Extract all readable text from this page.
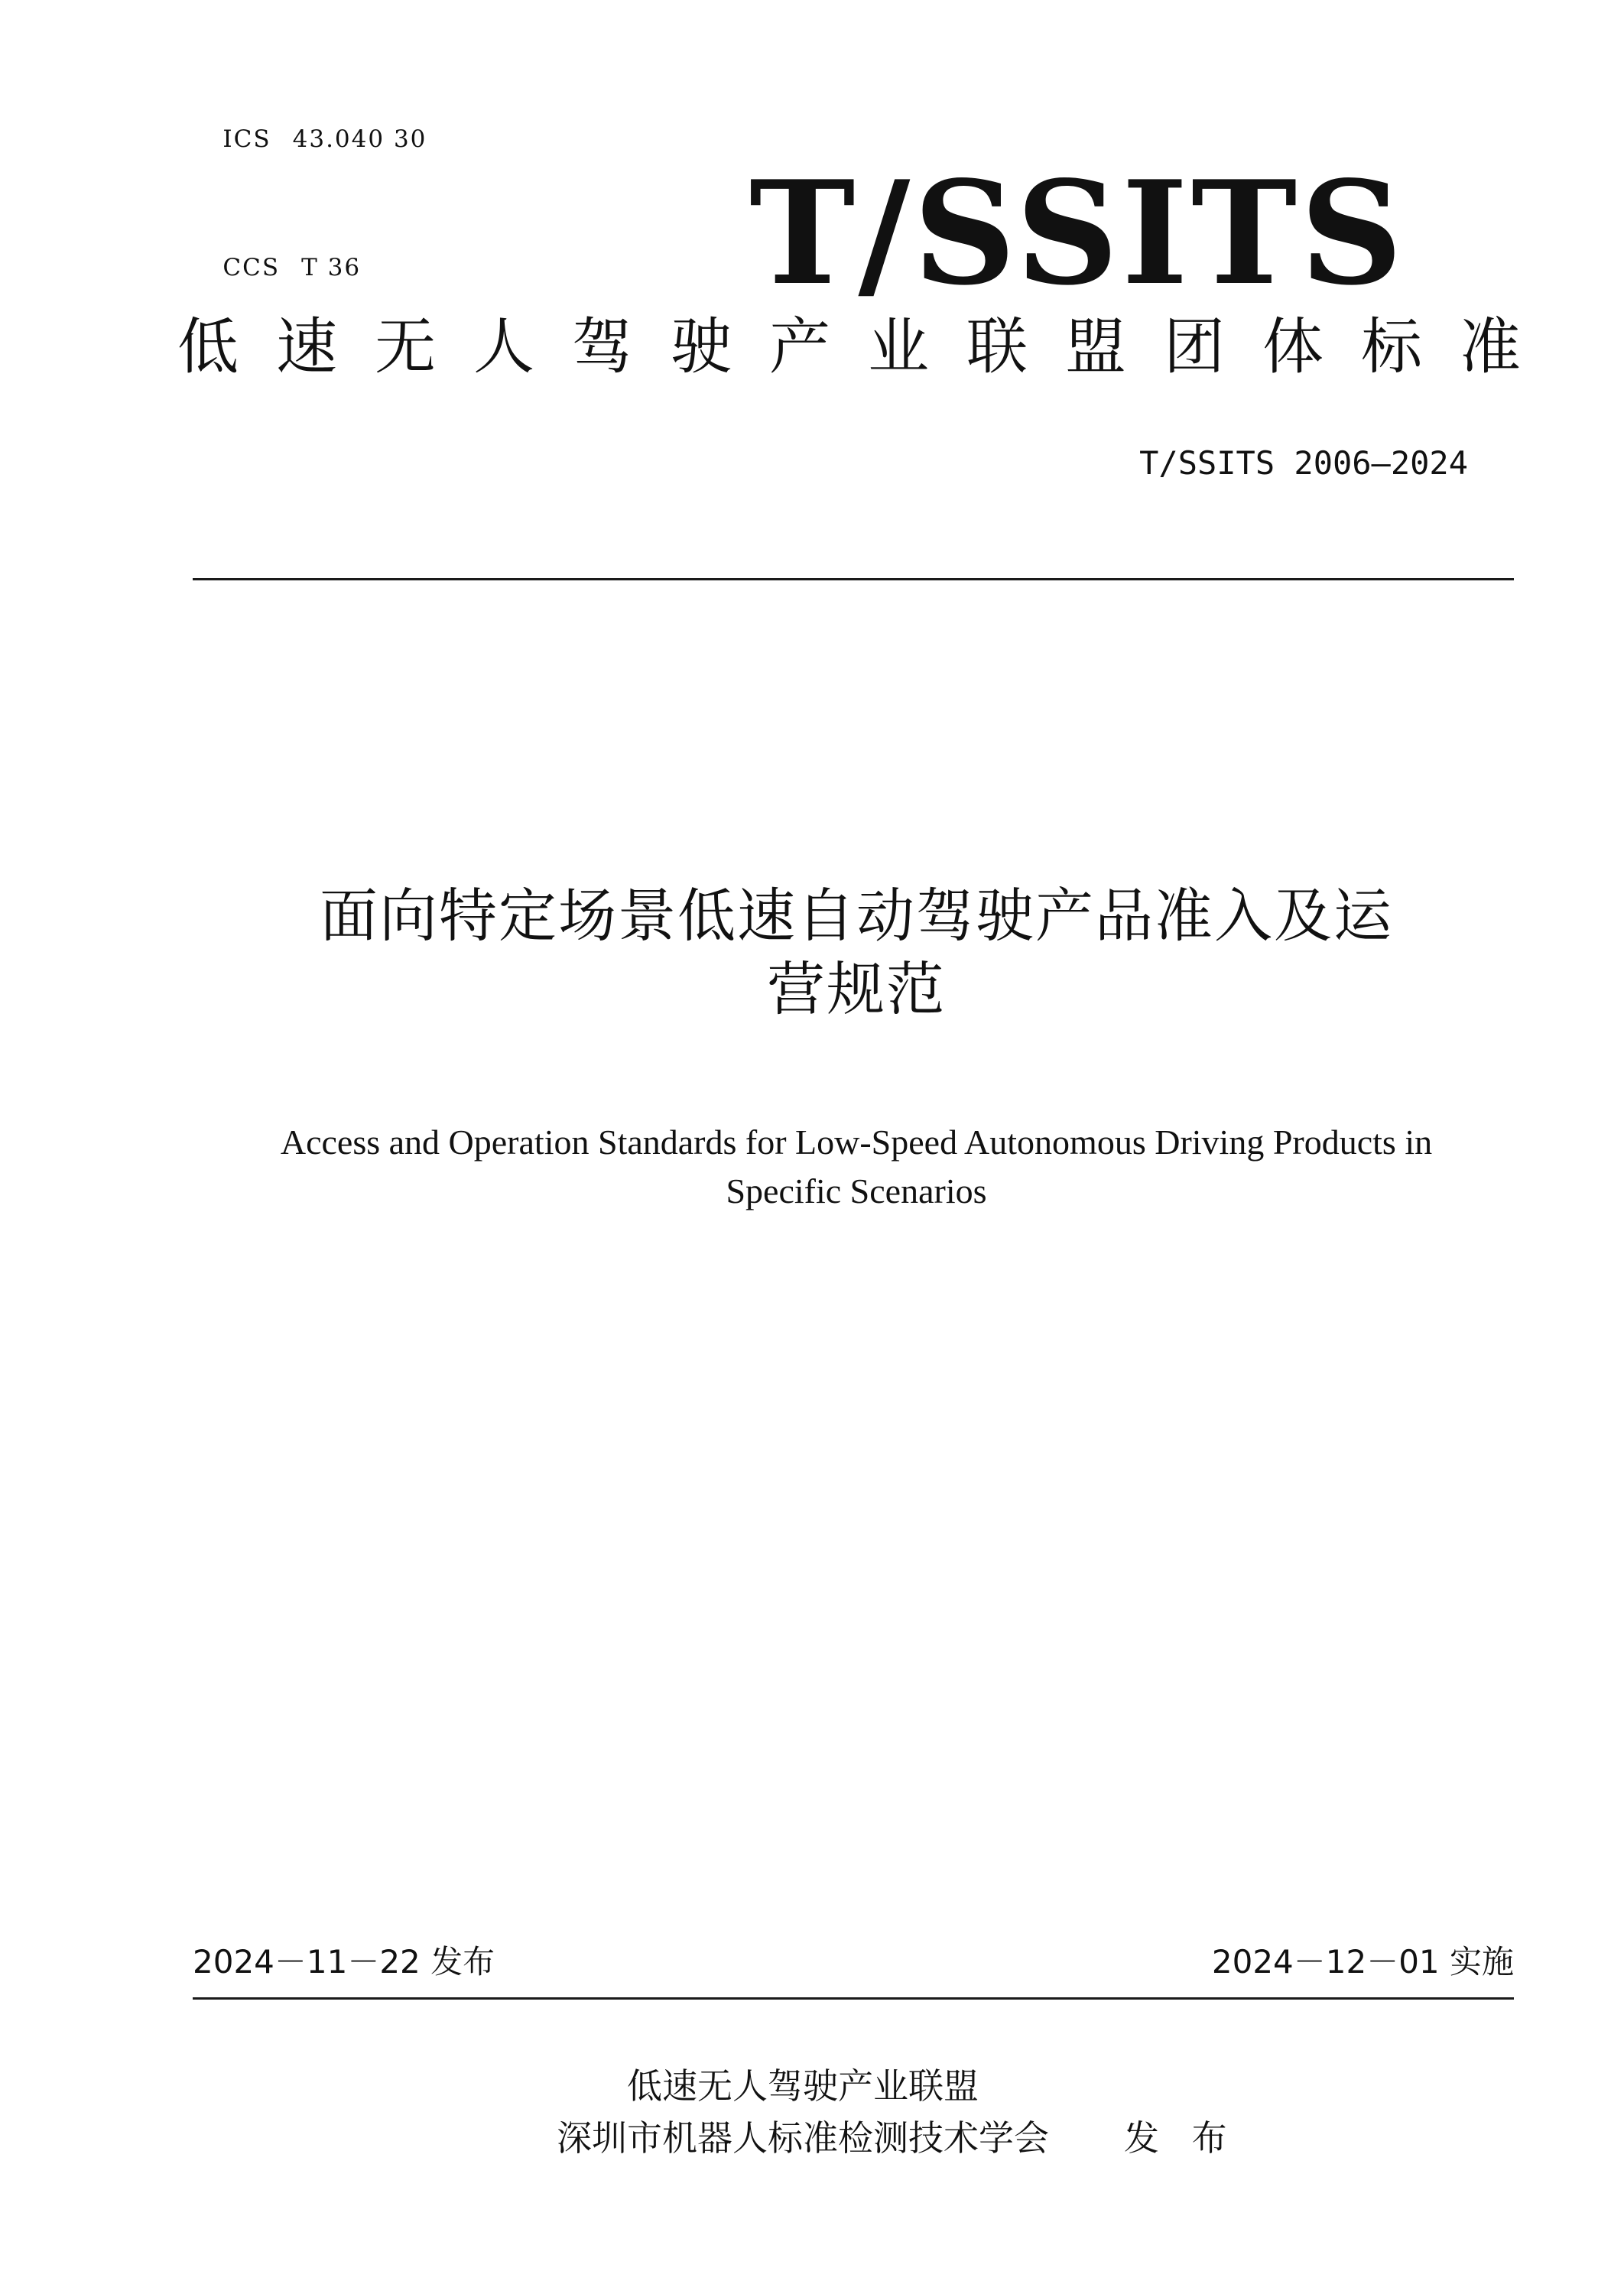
ICS 43.040 30

CCS T 36
	T/SSITS
低速无人驾驶产业联盟团体标准
T/SSITS 2006—2024
面向特定场景低速自动驾驶产品准入及运
营规范
Access and Operation Standards for Low-Speed Autonomous Driving Products in
Specific Scenarios
2024－11－22 发布	2024－12－01 实施
低速无人驾驶产业联盟
深圳市机器人标准检测技术学会	发 布
